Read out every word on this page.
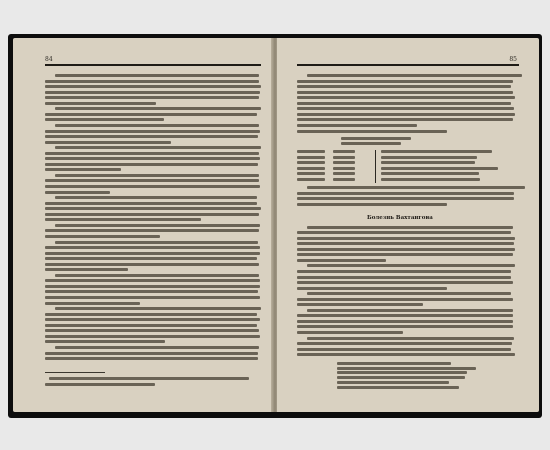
84	85
Болезнь Вахтангова
